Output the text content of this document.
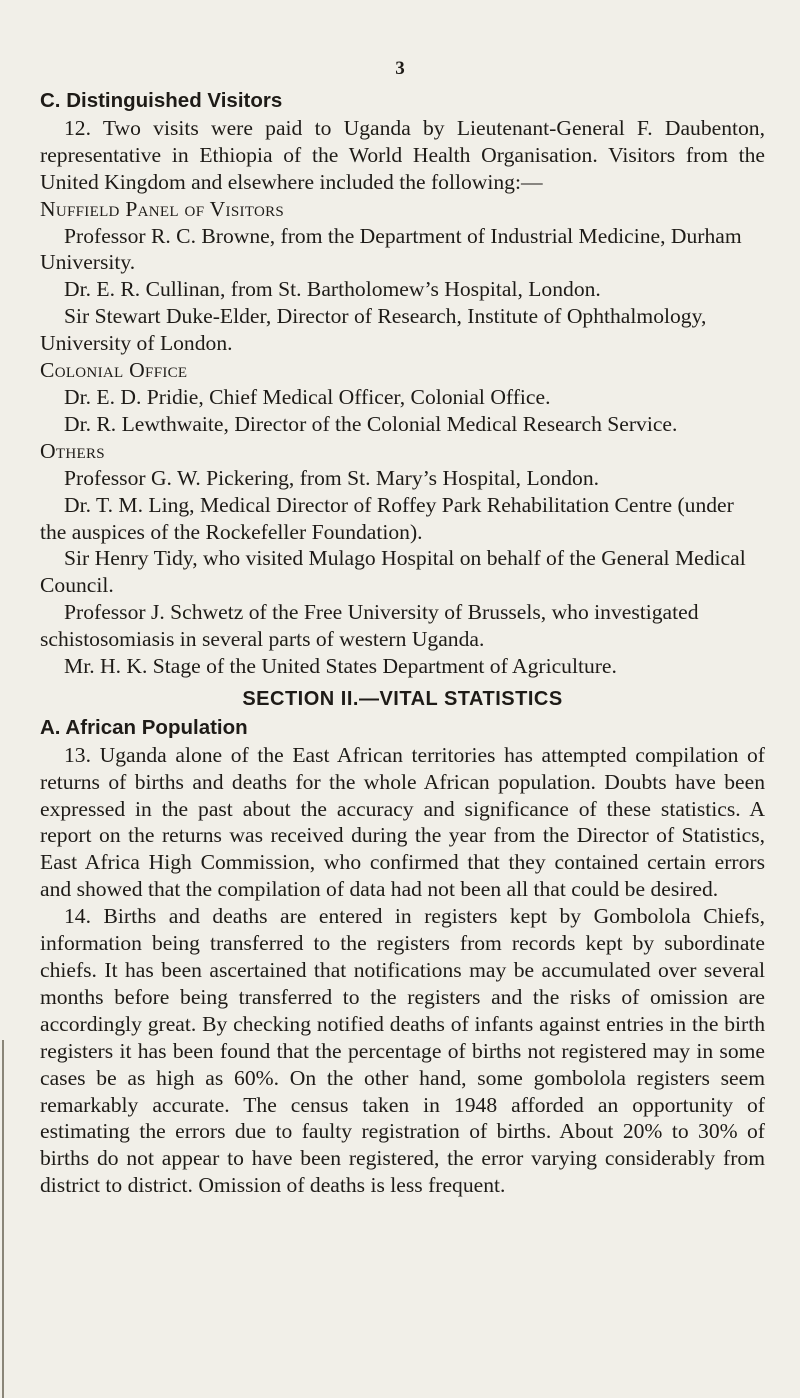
3

C. Distinguished Visitors

12. Two visits were paid to Uganda by Lieutenant-General F. Daubenton, representative in Ethiopia of the World Health Organisation. Visitors from the United Kingdom and elsewhere included the following:—

Nuffield Panel of Visitors

Professor R. C. Browne, from the Department of Industrial Medicine, Durham University.

Dr. E. R. Cullinan, from St. Bartholomew’s Hospital, London.

Sir Stewart Duke-Elder, Director of Research, Institute of Ophthalmology, University of London.

Colonial Office

Dr. E. D. Pridie, Chief Medical Officer, Colonial Office.

Dr. R. Lewthwaite, Director of the Colonial Medical Research Service.

Others

Professor G. W. Pickering, from St. Mary’s Hospital, London.

Dr. T. M. Ling, Medical Director of Roffey Park Rehabilitation Centre (under the auspices of the Rockefeller Foundation).

Sir Henry Tidy, who visited Mulago Hospital on behalf of the General Medical Council.

Professor J. Schwetz of the Free University of Brussels, who investigated schistosomiasis in several parts of western Uganda.

Mr. H. K. Stage of the United States Department of Agriculture.

SECTION II.—VITAL STATISTICS

A. African Population

13. Uganda alone of the East African territories has attempted compilation of returns of births and deaths for the whole African population. Doubts have been expressed in the past about the accuracy and significance of these statistics. A report on the returns was received during the year from the Director of Statistics, East Africa High Commission, who confirmed that they contained certain errors and showed that the compilation of data had not been all that could be desired.

14. Births and deaths are entered in registers kept by Gombolola Chiefs, information being transferred to the registers from records kept by subordinate chiefs. It has been ascertained that notifications may be accumulated over several months before being transferred to the registers and the risks of omission are accordingly great. By checking notified deaths of infants against entries in the birth registers it has been found that the percentage of births not registered may in some cases be as high as 60%. On the other hand, some gombolola registers seem remarkably accurate. The census taken in 1948 afforded an opportunity of estimating the errors due to faulty registration of births. About 20% to 30% of births do not appear to have been registered, the error varying considerably from district to district. Omission of deaths is less frequent.
